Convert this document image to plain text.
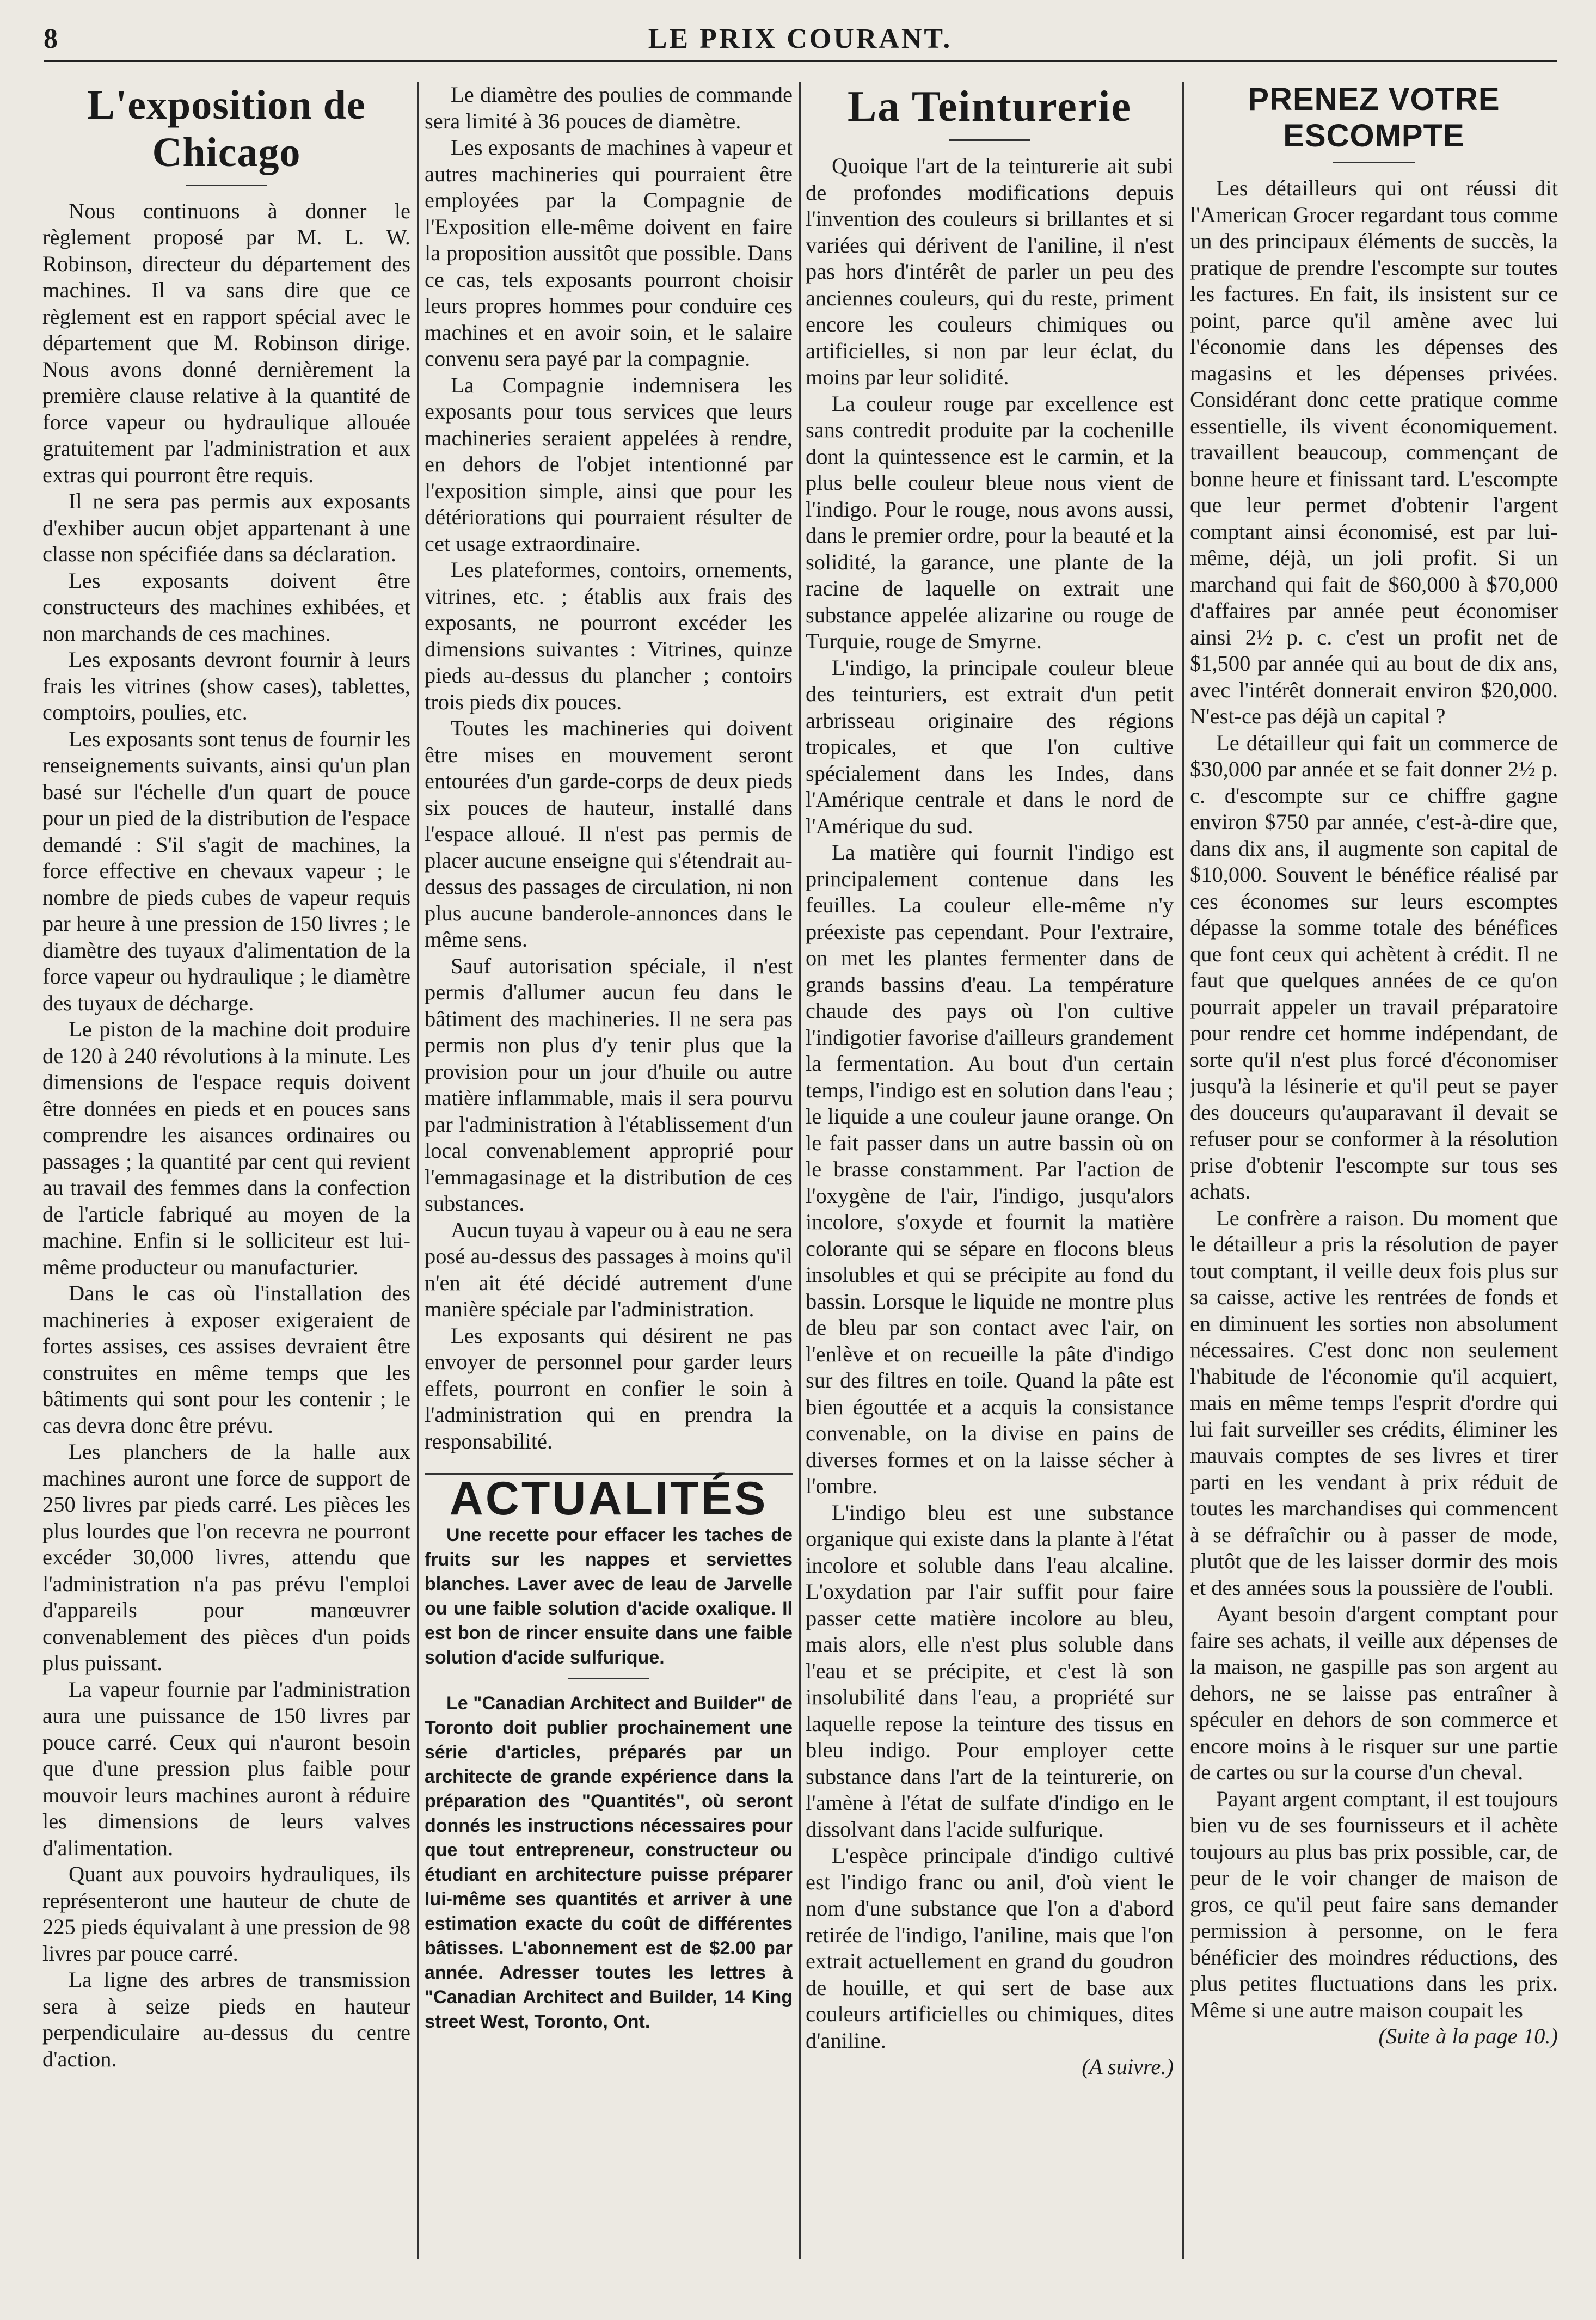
8	LE PRIX COURANT.
L'exposition de Chicago

Nous continuons à donner le règlement proposé par M. L. W. Robinson, directeur du département des machines. Il va sans dire que ce règlement est en rapport spécial avec le département que M. Robinson dirige. Nous avons donné dernièrement la première clause relative à la quantité de force vapeur ou hydraulique allouée gratuitement par l'administration et aux extras qui pourront être requis.

Il ne sera pas permis aux exposants d'exhiber aucun objet appartenant à une classe non spécifiée dans sa déclaration.

Les exposants doivent être constructeurs des machines exhibées, et non marchands de ces machines.

Les exposants devront fournir à leurs frais les vitrines (show cases), tablettes, comptoirs, poulies, etc.

Les exposants sont tenus de fournir les renseignements suivants, ainsi qu'un plan basé sur l'échelle d'un quart de pouce pour un pied de la distribution de l'espace demandé : S'il s'agit de machines, la force effective en chevaux vapeur ; le nombre de pieds cubes de vapeur requis par heure à une pression de 150 livres ; le diamètre des tuyaux d'alimentation de la force vapeur ou hydraulique ; le diamètre des tuyaux de décharge.

Le piston de la machine doit produire de 120 à 240 révolutions à la minute. Les dimensions de l'espace requis doivent être données en pieds et en pouces sans comprendre les aisances ordinaires ou passages ; la quantité par cent qui revient au travail des femmes dans la confection de l'article fabriqué au moyen de la machine. Enfin si le solliciteur est lui-même producteur ou manufacturier.

Dans le cas où l'installation des machineries à exposer exigeraient de fortes assises, ces assises devraient être construites en même temps que les bâtiments qui sont pour les contenir ; le cas devra donc être prévu.

Les planchers de la halle aux machines auront une force de support de 250 livres par pieds carré. Les pièces les plus lourdes que l'on recevra ne pourront excéder 30,000 livres, attendu que l'administration n'a pas prévu l'emploi d'appareils pour manœuvrer convenablement des pièces d'un poids plus puissant.

La vapeur fournie par l'administration aura une puissance de 150 livres par pouce carré. Ceux qui n'auront besoin que d'une pression plus faible pour mouvoir leurs machines auront à réduire les dimensions de leurs valves d'alimentation.

Quant aux pouvoirs hydrauliques, ils représenteront une hauteur de chute de 225 pieds équivalant à une pression de 98 livres par pouce carré.

La ligne des arbres de transmission sera à seize pieds en hauteur perpendiculaire au-dessus du centre d'action.

Le diamètre des poulies de commande sera limité à 36 pouces de diamètre.

Les exposants de machines à vapeur et autres machineries qui pourraient être employées par la Compagnie de l'Exposition elle-même doivent en faire la proposition aussitôt que possible. Dans ce cas, tels exposants pourront choisir leurs propres hommes pour conduire ces machines et en avoir soin, et le salaire convenu sera payé par la compagnie.

La Compagnie indemnisera les exposants pour tous services que leurs machineries seraient appelées à rendre, en dehors de l'objet intentionné par l'exposition simple, ainsi que pour les détériorations qui pourraient résulter de cet usage extraordinaire.

Les plateformes, contoirs, ornements, vitrines, etc. ; établis aux frais des exposants, ne pourront excéder les dimensions suivantes : Vitrines, quinze pieds au-dessus du plancher ; contoirs trois pieds dix pouces.

Toutes les machineries qui doivent être mises en mouvement seront entourées d'un garde-corps de deux pieds six pouces de hauteur, installé dans l'espace alloué. Il n'est pas permis de placer aucune enseigne qui s'étendrait au-dessus des passages de circulation, ni non plus aucune banderole-annonces dans le même sens.

Sauf autorisation spéciale, il n'est permis d'allumer aucun feu dans le bâtiment des machineries. Il ne sera pas permis non plus d'y tenir plus que la provision pour un jour d'huile ou autre matière inflammable, mais il sera pourvu par l'administration à l'établissement d'un local convenablement approprié pour l'emmagasinage et la distribution de ces substances.

Aucun tuyau à vapeur ou à eau ne sera posé au-dessus des passages à moins qu'il n'en ait été décidé autrement d'une manière spéciale par l'administration.

Les exposants qui désirent ne pas envoyer de personnel pour garder leurs effets, pourront en confier le soin à l'administration qui en prendra la responsabilité.

ACTUALITÉS

Une recette pour effacer les taches de fruits sur les nappes et serviettes blanches. Laver avec de leau de Jarvelle ou une faible solution d'acide oxalique. Il est bon de rincer ensuite dans une faible solution d'acide sulfurique.

Le "Canadian Architect and Builder" de Toronto doit publier prochainement une série d'articles, préparés par un architecte de grande expérience dans la préparation des "Quantités", où seront donnés les instructions nécessaires pour que tout entrepreneur, constructeur ou étudiant en architecture puisse préparer lui-même ses quantités et arriver à une estimation exacte du coût de différentes bâtisses. L'abonnement est de $2.00 par année. Adresser toutes les lettres à "Canadian Architect and Builder, 14 King street West, Toronto, Ont.

La Teinturerie

Quoique l'art de la teinturerie ait subi de profondes modifications depuis l'invention des couleurs si brillantes et si variées qui dérivent de l'aniline, il n'est pas hors d'intérêt de parler un peu des anciennes couleurs, qui du reste, priment encore les couleurs chimiques ou artificielles, si non par leur éclat, du moins par leur solidité.

La couleur rouge par excellence est sans contredit produite par la cochenille dont la quintessence est le carmin, et la plus belle couleur bleue nous vient de l'indigo. Pour le rouge, nous avons aussi, dans le premier ordre, pour la beauté et la solidité, la garance, une plante de la racine de laquelle on extrait une substance appelée alizarine ou rouge de Turquie, rouge de Smyrne.

L'indigo, la principale couleur bleue des teinturiers, est extrait d'un petit arbrisseau originaire des régions tropicales, et que l'on cultive spécialement dans les Indes, dans l'Amérique centrale et dans le nord de l'Amérique du sud.

La matière qui fournit l'indigo est principalement contenue dans les feuilles. La couleur elle-même n'y préexiste pas cependant. Pour l'extraire, on met les plantes fermenter dans de grands bassins d'eau. La température chaude des pays où l'on cultive l'indigotier favorise d'ailleurs grandement la fermentation. Au bout d'un certain temps, l'indigo est en solution dans l'eau ; le liquide a une couleur jaune orange. On le fait passer dans un autre bassin où on le brasse constamment. Par l'action de l'oxygène de l'air, l'indigo, jusqu'alors incolore, s'oxyde et fournit la matière colorante qui se sépare en flocons bleus insolubles et qui se précipite au fond du bassin. Lorsque le liquide ne montre plus de bleu par son contact avec l'air, on l'enlève et on recueille la pâte d'indigo sur des filtres en toile. Quand la pâte est bien égouttée et a acquis la consistance convenable, on la divise en pains de diverses formes et on la laisse sécher à l'ombre.

L'indigo bleu est une substance organique qui existe dans la plante à l'état incolore et soluble dans l'eau alcaline. L'oxydation par l'air suffit pour faire passer cette matière incolore au bleu, mais alors, elle n'est plus soluble dans l'eau et se précipite, et c'est là son insolubilité dans l'eau, a propriété sur laquelle repose la teinture des tissus en bleu indigo. Pour employer cette substance dans l'art de la teinturerie, on l'amène à l'état de sulfate d'indigo en le dissolvant dans l'acide sulfurique.

L'espèce principale d'indigo cultivé est l'indigo franc ou anil, d'où vient le nom d'une substance que l'on a d'abord retirée de l'indigo, l'aniline, mais que l'on extrait actuellement en grand du goudron de houille, et qui sert de base aux couleurs artificielles ou chimiques, dites d'aniline.

(A suivre.)

PRENEZ VOTRE ESCOMPTE

Les détailleurs qui ont réussi dit l'American Grocer regardant tous comme un des principaux éléments de succès, la pratique de prendre l'escompte sur toutes les factures. En fait, ils insistent sur ce point, parce qu'il amène avec lui l'économie dans les dépenses des magasins et les dépenses privées. Considérant donc cette pratique comme essentielle, ils vivent économiquement. travaillent beaucoup, commençant de bonne heure et finissant tard. L'escompte que leur permet d'obtenir l'argent comptant ainsi économisé, est par lui-même, déjà, un joli profit. Si un marchand qui fait de $60,000 à $70,000 d'affaires par année peut économiser ainsi 2½ p. c. c'est un profit net de $1,500 par année qui au bout de dix ans, avec l'intérêt donnerait environ $20,000. N'est-ce pas déjà un capital ?

Le détailleur qui fait un commerce de $30,000 par année et se fait donner 2½ p. c. d'escompte sur ce chiffre gagne environ $750 par année, c'est-à-dire que, dans dix ans, il augmente son capital de $10,000. Souvent le bénéfice réalisé par ces économes sur leurs escomptes dépasse la somme totale des bénéfices que font ceux qui achètent à crédit. Il ne faut que quelques années de ce qu'on pourrait appeler un travail préparatoire pour rendre cet homme indépendant, de sorte qu'il n'est plus forcé d'économiser jusqu'à la lésinerie et qu'il peut se payer des douceurs qu'auparavant il devait se refuser pour se conformer à la résolution prise d'obtenir l'escompte sur tous ses achats.

Le confrère a raison. Du moment que le détailleur a pris la résolution de payer tout comptant, il veille deux fois plus sur sa caisse, active les rentrées de fonds et en diminuent les sorties non absolument nécessaires. C'est donc non seulement l'habitude de l'économie qu'il acquiert, mais en même temps l'esprit d'ordre qui lui fait surveiller ses crédits, éliminer les mauvais comptes de ses livres et tirer parti en les vendant à prix réduit de toutes les marchandises qui commencent à se défraîchir ou à passer de mode, plutôt que de les laisser dormir des mois et des années sous la poussière de l'oubli.

Ayant besoin d'argent comptant pour faire ses achats, il veille aux dépenses de la maison, ne gaspille pas son argent au dehors, ne se laisse pas entraîner à spéculer en dehors de son commerce et encore moins à le risquer sur une partie de cartes ou sur la course d'un cheval.

Payant argent comptant, il est toujours bien vu de ses fournisseurs et il achète toujours au plus bas prix possible, car, de peur de le voir changer de maison de gros, ce qu'il peut faire sans demander permission à personne, on le fera bénéficier des moindres réductions, des plus petites fluctuations dans les prix. Même si une autre maison coupait les

(Suite à la page 10.)
